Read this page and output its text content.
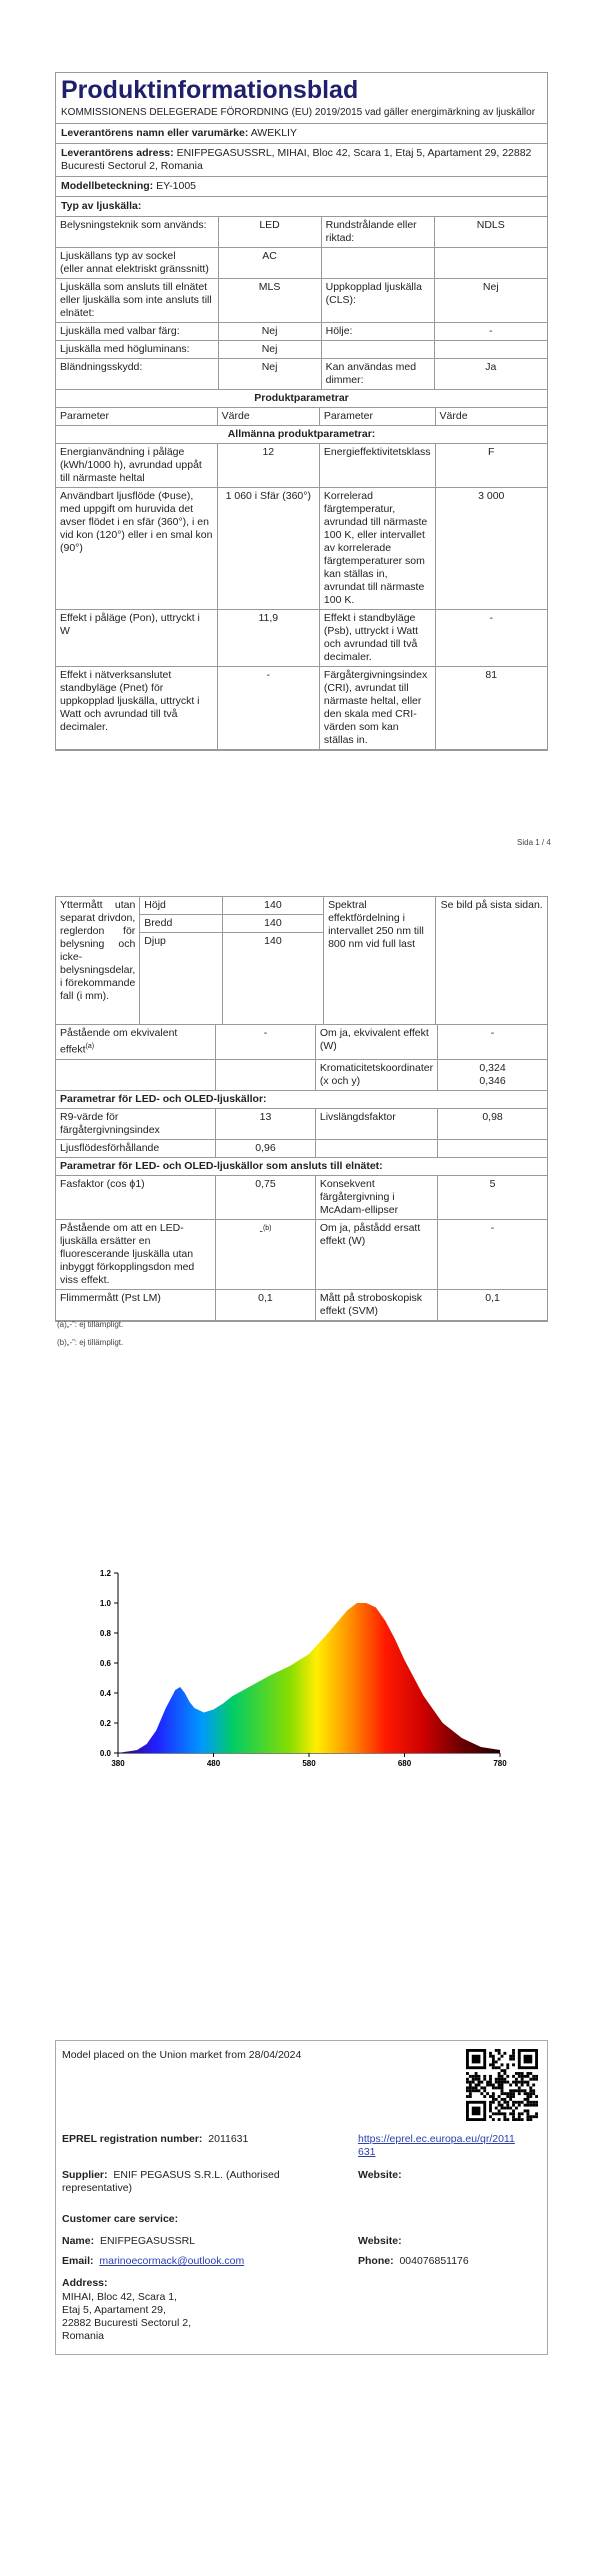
Produktinformationsblad
KOMMISSIONENS DELEGERADE FÖRORDNING (EU) 2019/2015 vad gäller energimärkning av ljuskällor
Leverantörens namn eller varumärke: AWEKLIY
Leverantörens adress: ENIFPEGASUSSRL, MIHAI, Bloc 42, Scara 1, Etaj 5, Apartament 29, 22882 Bucuresti Sectorul 2, Romania
Modellbeteckning: EY-1005
Typ av ljuskälla:
Belysningsteknik som används:	LED	Rundstrålande eller riktad:	NDLS
Ljuskällans typ av sockel
(eller annat elektriskt gränssnitt)	AC		
Ljuskälla som ansluts till elnätet eller ljuskälla som inte ansluts till elnätet:	MLS	Uppkopplad ljuskälla (CLS):	Nej
Ljuskälla med valbar färg:	Nej	Hölje:	-
Ljuskälla med högluminans:	Nej		
Bländningsskydd:	Nej	Kan användas med dimmer:	Ja
Produktparametrar			
Parameter	Värde	Parameter	Värde
Allmänna produktparametrar:			
Energianvändning i påläge (kWh/1000 h), avrundad uppåt till närmaste heltal	12	Energieffektivitetsklass	F
Användbart ljusflöde (Φuse), med uppgift om huruvida det avser flödet i en sfär (360°), i en vid kon (120°) eller i en smal kon (90°)	1 060 i Sfär (360°)	Korrelerad färgtemperatur, avrundad till närmaste 100 K, eller intervallet av korrelerade färgtemperaturer som kan ställas in, avrundat till närmaste 100 K.	3 000
Effekt i påläge (Pon), uttryckt i W	11,9	Effekt i standbyläge (Psb), uttryckt i Watt och avrundad till två decimaler.	-
Effekt i nätverksanslutet standbyläge (Pnet) för uppkopplad ljuskälla, uttryckt i Watt och avrundad till två decimaler.	-	Färgåtergivningsindex (CRI), avrundat till närmaste heltal, eller den skala med CRI-värden som kan ställas in.	81
Sida 1 / 4
Yttermått utan separat drivdon, reglerdon för belysning och icke-belysningsdelar, i förekommande fall (i mm).	Höjd	140	Spektral effektfördelning i intervallet 250 nm till 800 nm vid full last	Se bild på sista sidan.
	Bredd	140		
	Djup	140		
Påstående om ekvivalent effekt$^{(a)}$	-	Om ja, ekvivalent effekt (W)	-
		Kromaticitetskoordinater (x och y)	0,324
0,346
Parametrar för LED- och OLED-ljuskällor:			
R9-värde för färgåtergivningsindex	13	Livslängdsfaktor	0,98
Ljusflödesförhållande	0,96		
Parametrar för LED- och OLED-ljuskällor som ansluts till elnätet:			
Fasfaktor (cos ϕ1)	0,75	Konsekvent färgåtergivning i McAdam-ellipser	5
Påstående om att en LED-ljuskälla ersätter en fluorescerande ljuskälla utan inbyggt förkopplingsdon med viss effekt.	-$^{(b)}$	Om ja, påstådd ersatt effekt (W)	-
Flimmermått (Pst LM)	0,1	Mått på stroboskopisk effekt (SVM)	0,1
(a)„-”: ej tillämpligt.
(b)„-”: ej tillämpligt.
0.0
0.2
0.4
0.6
0.8
1.0
1.2
380	480	580	680	780
Model placed on the Union market from 28/04/2024
EPREL registration number: 2011631	https://eprel.ec.europa.eu/qr/2011631
Supplier: ENIF PEGASUS S.R.L. (Authorised representative)
Website:
Customer care service:
Name: ENIFPEGASUSSRL	Website:
Email: marinoecormack@outlook.com	Phone: 004076851176
Address:
MIHAI, Bloc 42, Scara 1,
Etaj 5, Apartament 29,
22882 Bucuresti Sectorul 2,
Romania
